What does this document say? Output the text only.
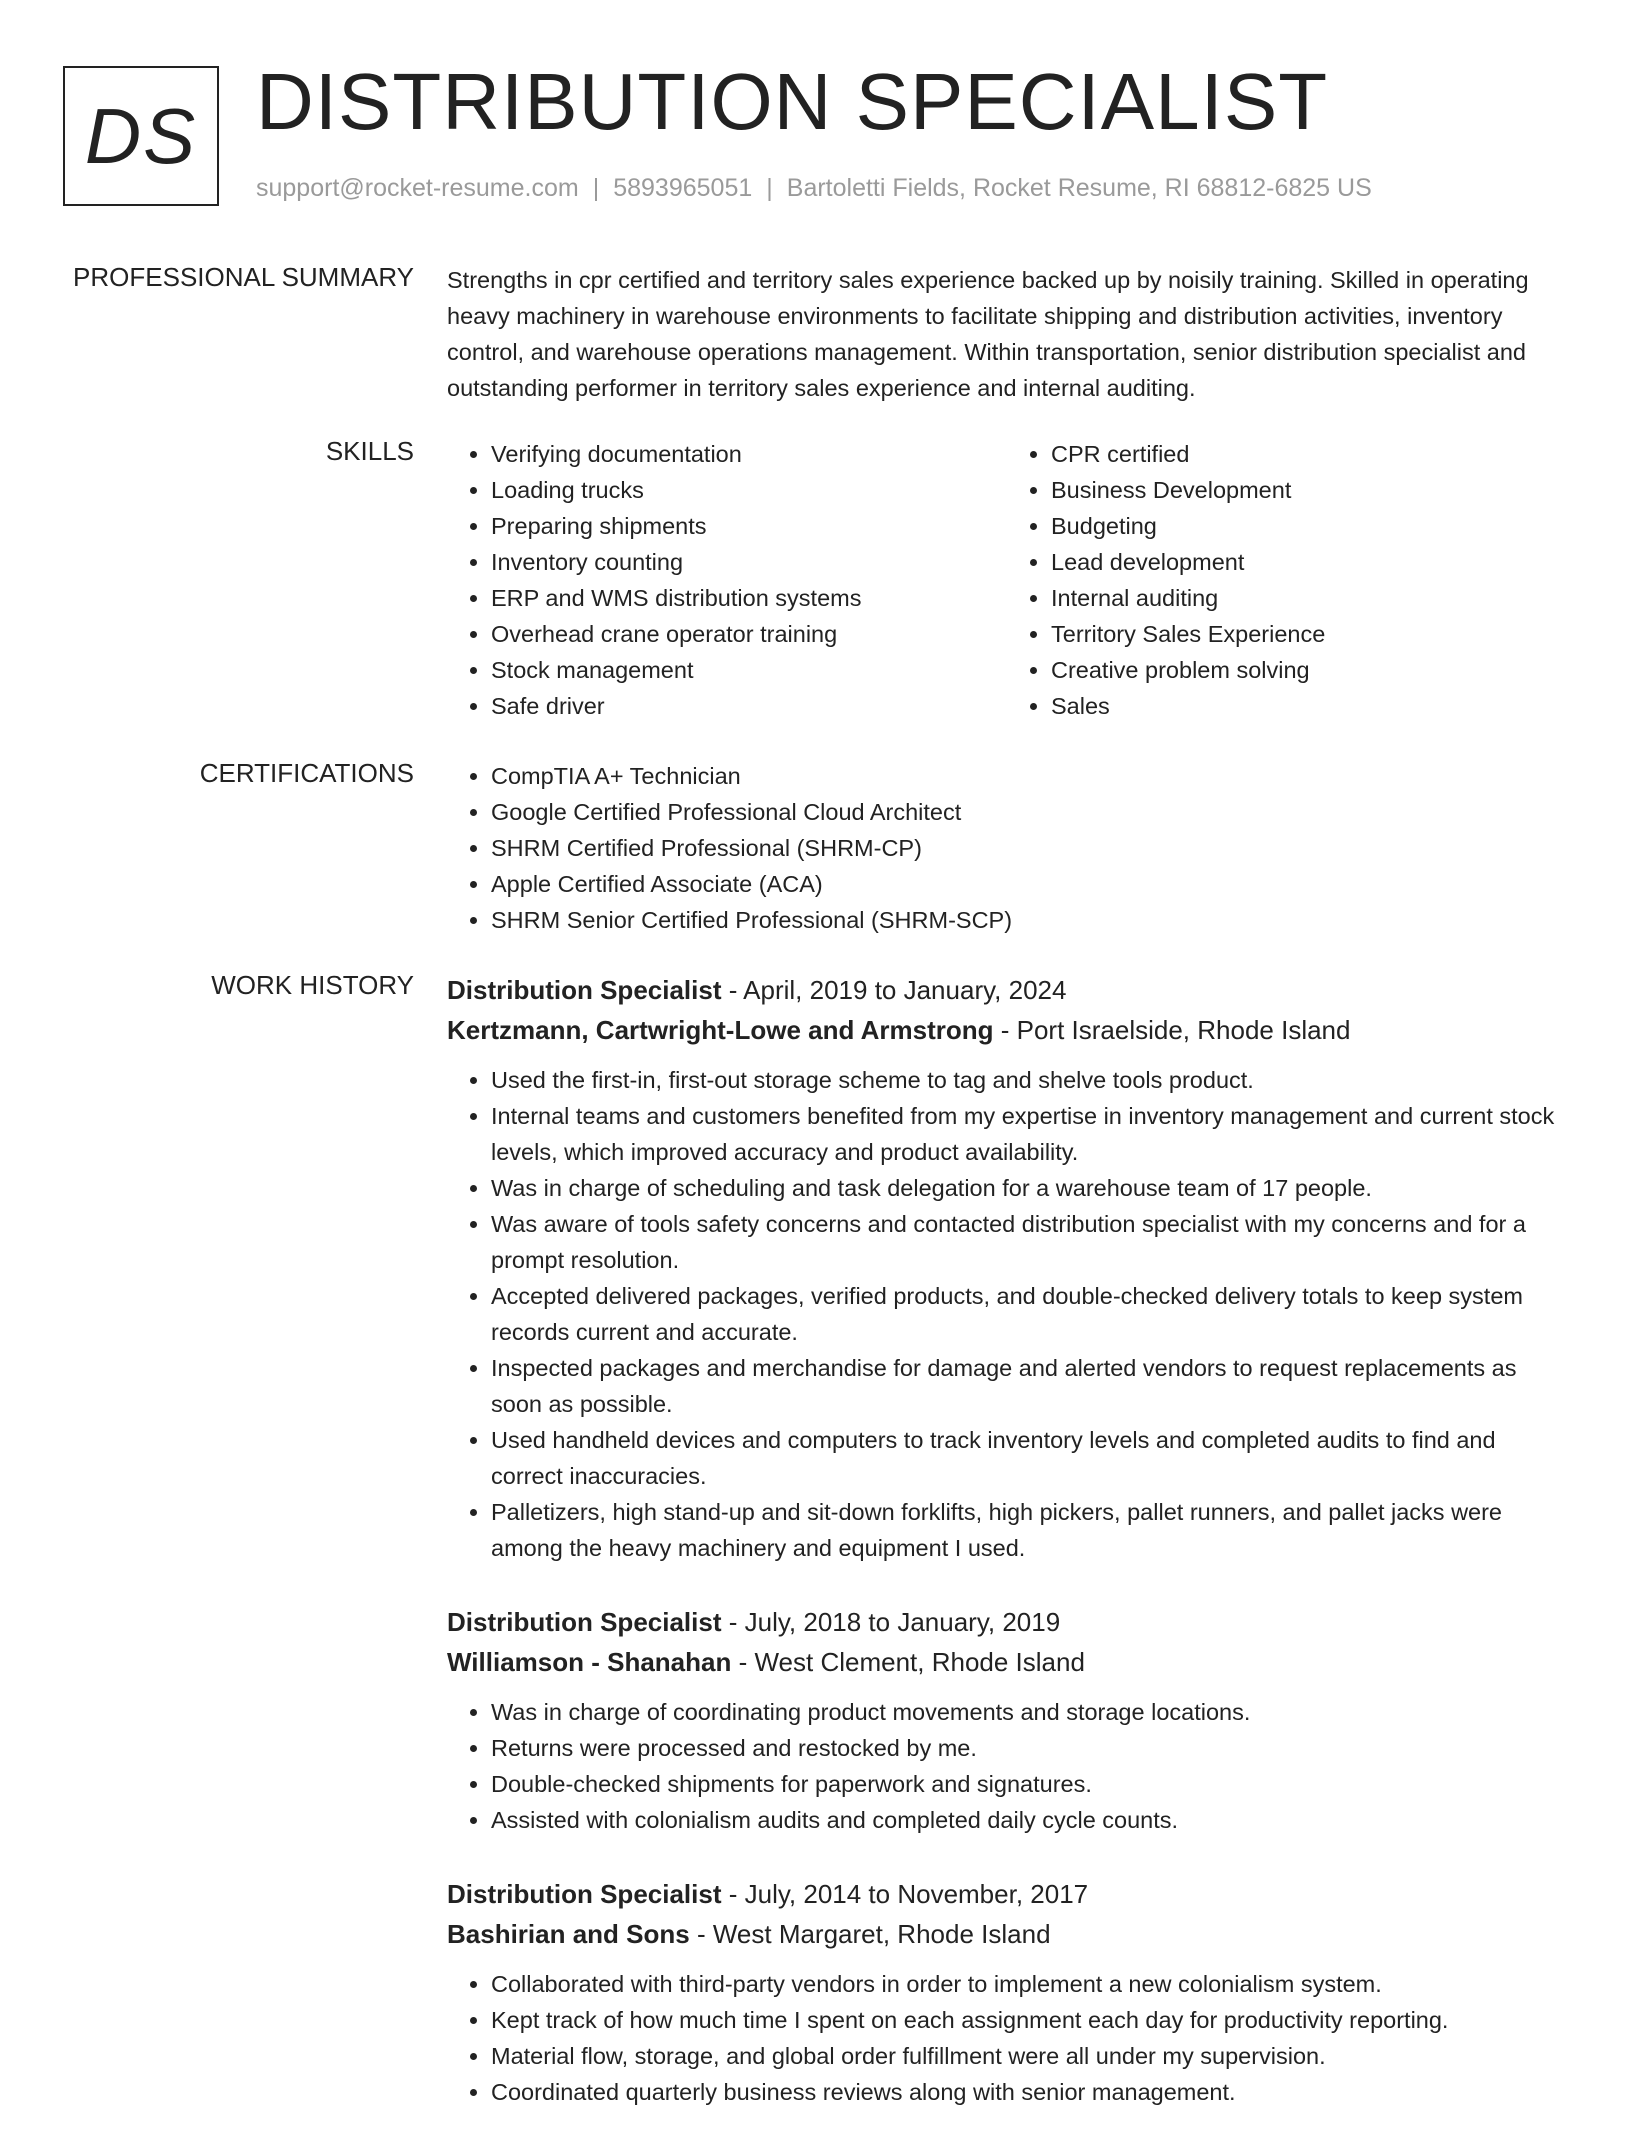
DS DISTRIBUTION SPECIALIST
support@rocket-resume.com | 5893965051 | Bartoletti Fields, Rocket Resume, RI 68812-6825 US
PROFESSIONAL SUMMARY Strengths in cpr certified and territory sales experience backed up by noisily training. Skilled in operating heavy machinery in warehouse environments to facilitate shipping and distribution activities, inventory control, and warehouse operations management. Within transportation, senior distribution specialist and outstanding performer in territory sales experience and internal auditing.
SKILLS	• Verifying documentation
• Loading trucks
• Preparing shipments
• Inventory counting
• ERP and WMS distribution systems
• Overhead crane operator training
• Stock management
• Safe driver
• CPR certified
• Business Development
• Budgeting
• Lead development
• Internal auditing
• Territory Sales Experience
• Creative problem solving
• Sales
CERTIFICATIONS	• CompTIA A+ Technician
• Google Certified Professional Cloud Architect
• SHRM Certified Professional (SHRM-CP)
• Apple Certified Associate (ACA)
• SHRM Senior Certified Professional (SHRM-SCP)
WORK HISTORY Distribution Specialist - April, 2019 to January, 2024
Kertzmann, Cartwright-Lowe and Armstrong - Port Israelside, Rhode Island
• Used the first-in, first-out storage scheme to tag and shelve tools product.
• Internal teams and customers benefited from my expertise in inventory management and current stock levels, which improved accuracy and product availability.
• Was in charge of scheduling and task delegation for a warehouse team of 17 people.
• Was aware of tools safety concerns and contacted distribution specialist with my concerns and for a prompt resolution.
• Accepted delivered packages, verified products, and double-checked delivery totals to keep system records current and accurate.
• Inspected packages and merchandise for damage and alerted vendors to request replacements as soon as possible.
• Used handheld devices and computers to track inventory levels and completed audits to find and correct inaccuracies.
• Palletizers, high stand-up and sit-down forklifts, high pickers, pallet runners, and pallet jacks were among the heavy machinery and equipment I used.
Distribution Specialist - July, 2018 to January, 2019
Williamson - Shanahan - West Clement, Rhode Island
• Was in charge of coordinating product movements and storage locations.
• Returns were processed and restocked by me.
• Double-checked shipments for paperwork and signatures.
• Assisted with colonialism audits and completed daily cycle counts.
Distribution Specialist - July, 2014 to November, 2017
Bashirian and Sons - West Margaret, Rhode Island
• Collaborated with third-party vendors in order to implement a new colonialism system.
• Kept track of how much time I spent on each assignment each day for productivity reporting.
• Material flow, storage, and global order fulfillment were all under my supervision.
• Coordinated quarterly business reviews along with senior management.
